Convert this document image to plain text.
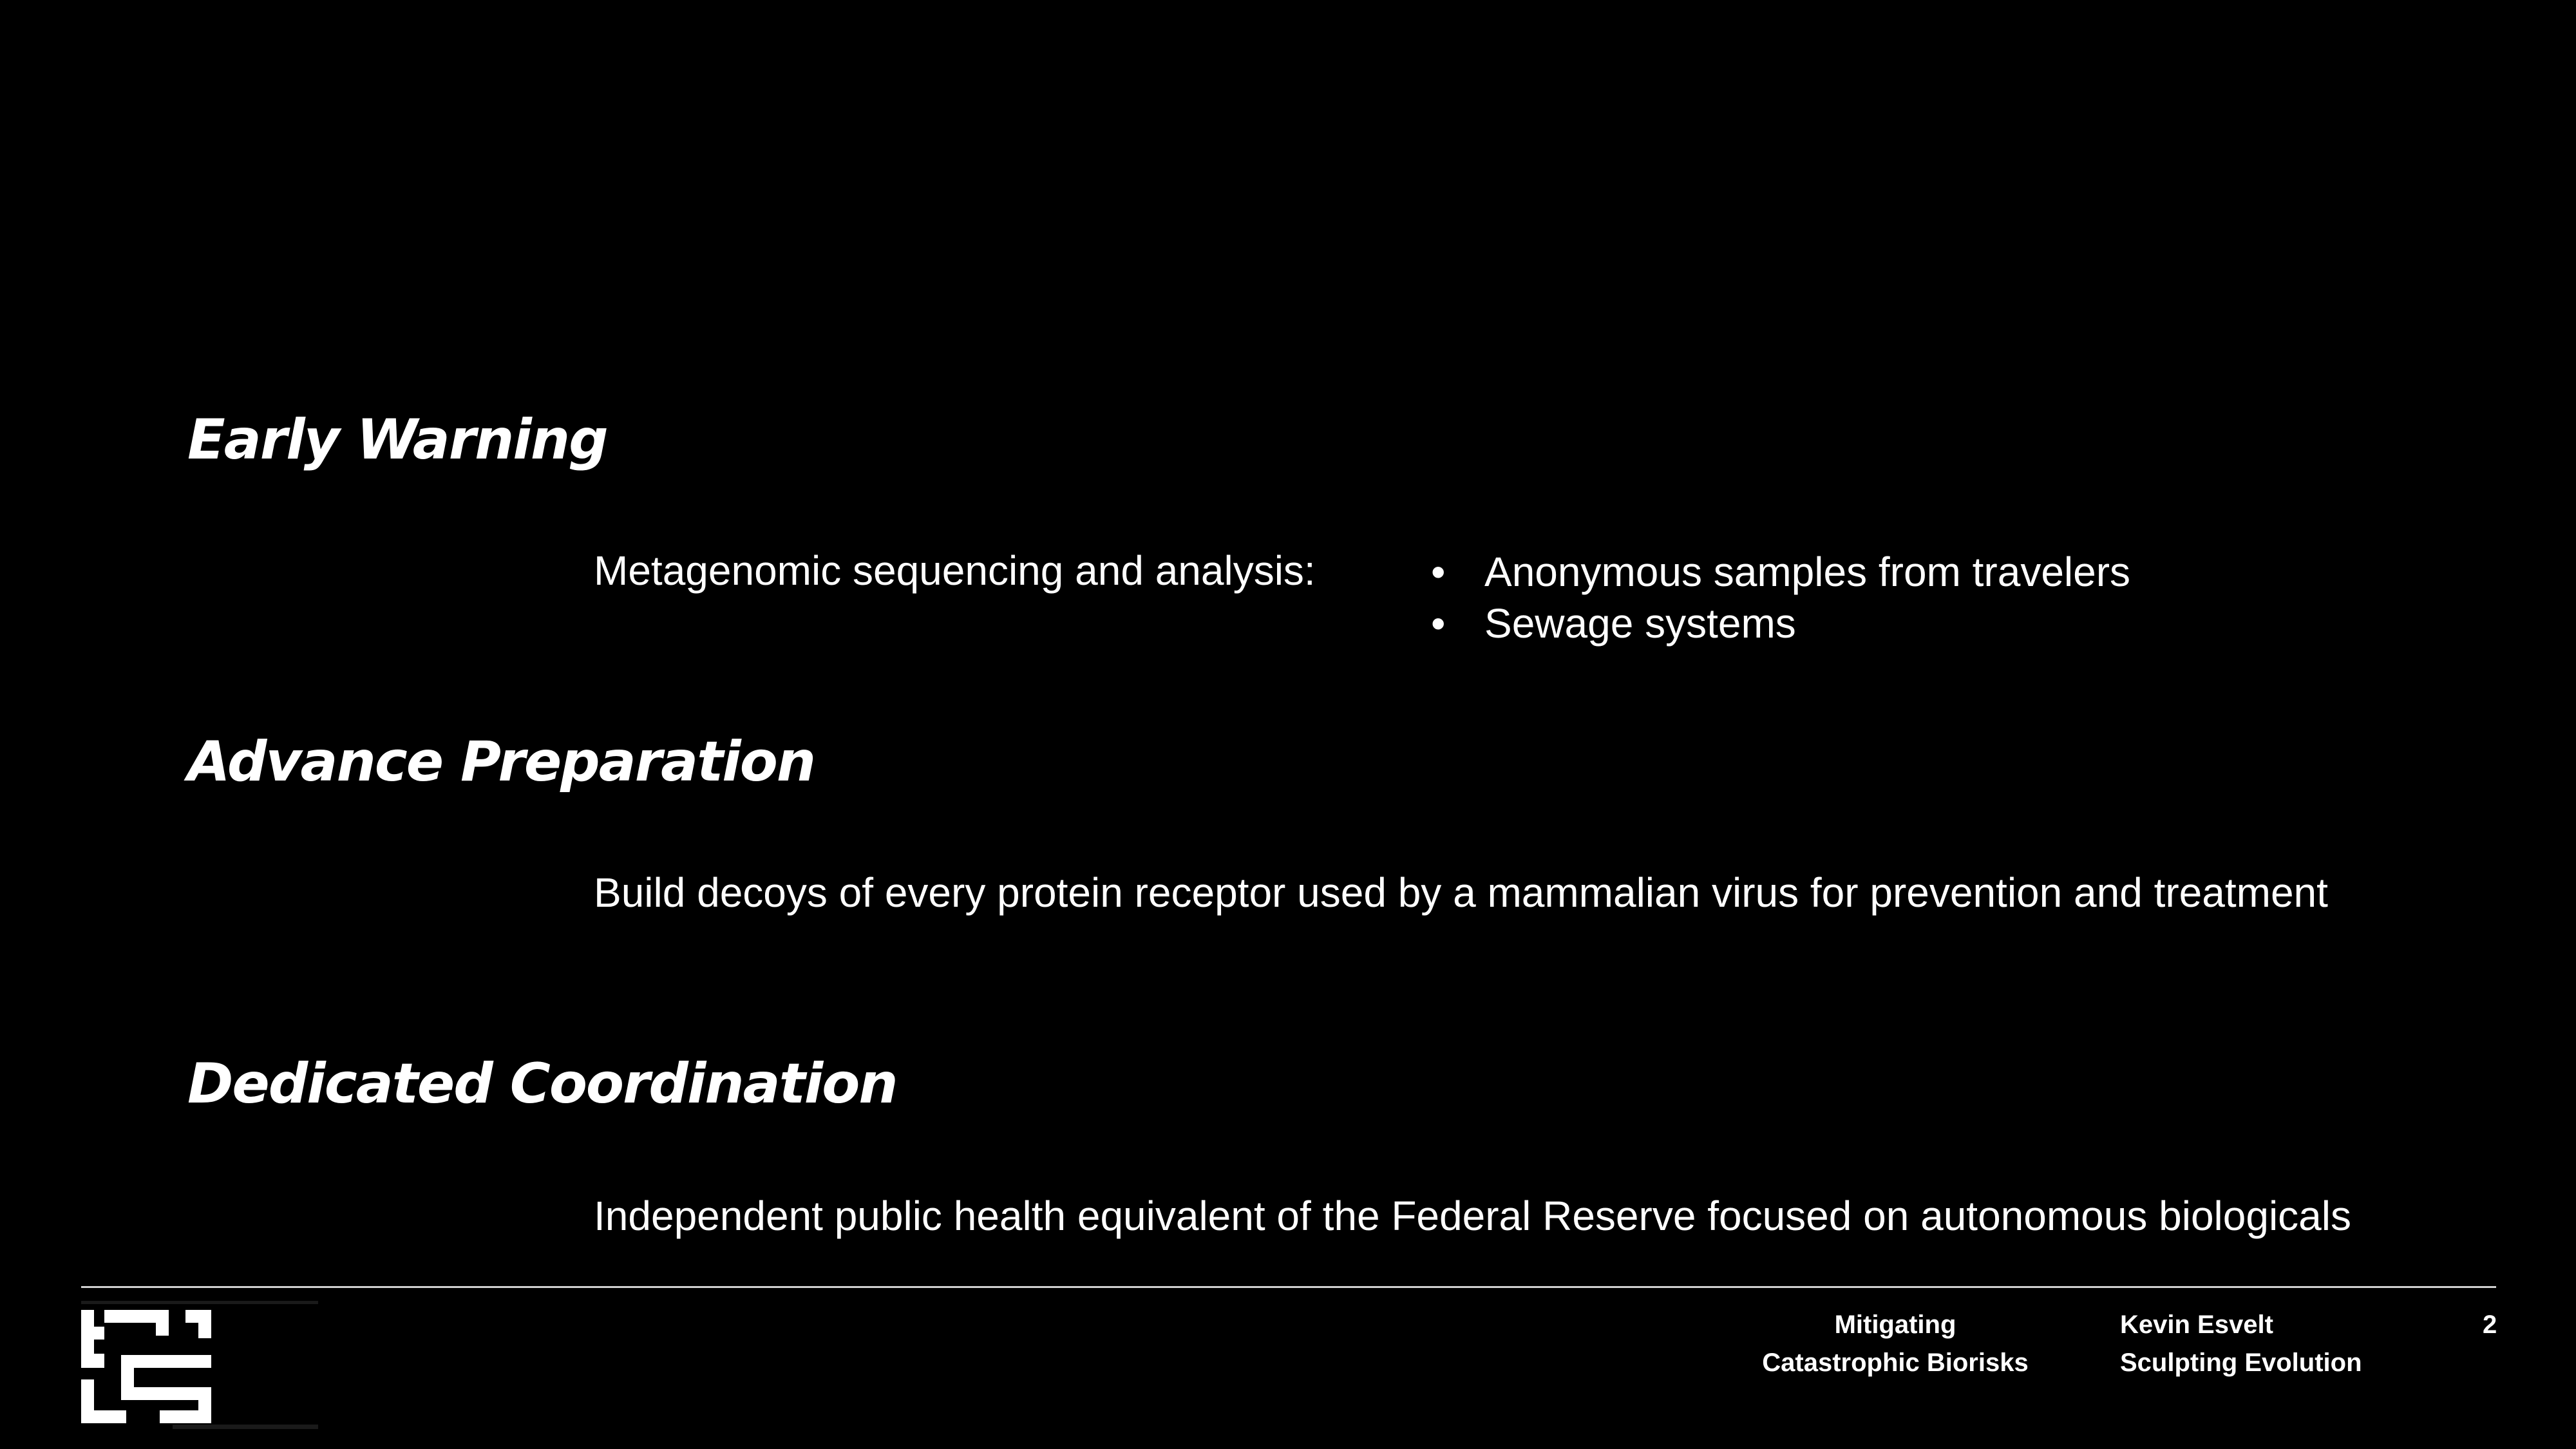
Early Warning
Metagenomic sequencing and analysis:	• Anonymous samples from travelers
• Sewage systems
Advance Preparation
Build decoys of every protein receptor used by a mammalian virus for prevention and treatment
Dedicated Coordination
Independent public health equivalent of the Federal Reserve focused on autonomous biologicals
Mitigating
Catastrophic Biorisks
Kevin Esvelt
Sculpting Evolution
2
